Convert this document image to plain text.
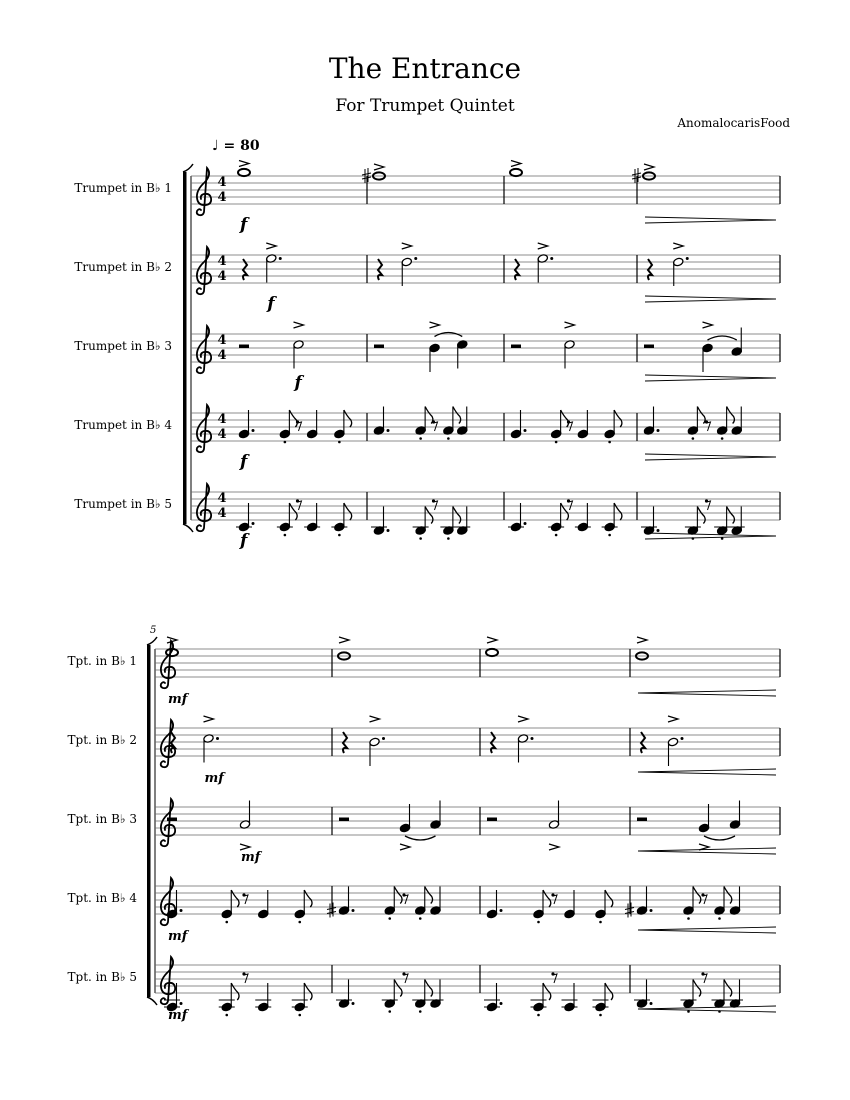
The Entrance
For Trumpet Quintet
AnomalocarisFood
♩ = 80
Trumpet in B♭ 1
Trumpet in B♭ 2
Trumpet in B♭ 3
Trumpet in B♭ 4
Trumpet in B♭ 5
5
Tpt. in B♭ 1
Tpt. in B♭ 2
Tpt. in B♭ 3
Tpt. in B♭ 4
Tpt. in B♭ 5
f
f
f
f
f
mf
mf
mf
mf
mf
4
4
4
4
4
4
4
4
4
4
